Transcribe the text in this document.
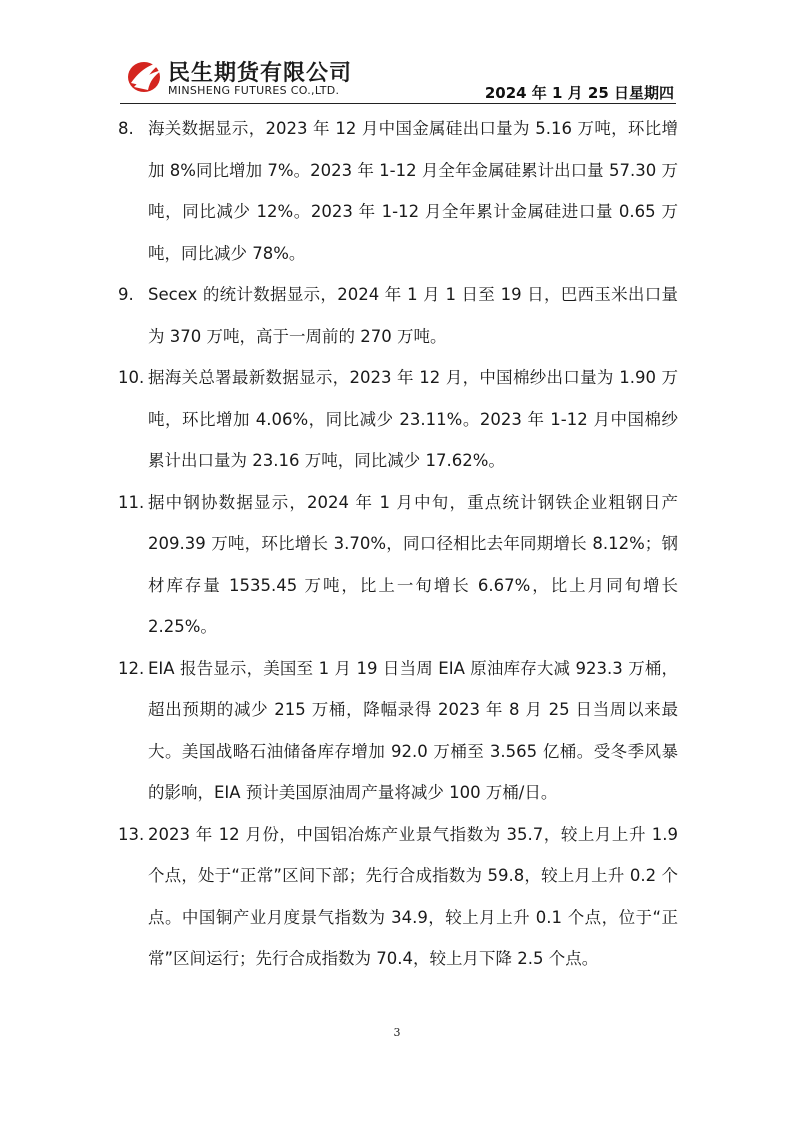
民生期货有限公司
MINSHENG FUTURES CO.,LTD.	2024 年 1 月 25 日星期四
8. 海关数据显示，2023 年 12 月中国金属硅出口量为 5.16 万吨，环比增加 8%同比增加 7%。2023 年 1-12 月全年金属硅累计出口量 57.30 万吨，同比减少 12%。2023 年 1-12 月全年累计金属硅进口量 0.65 万吨，同比减少 78%。
9. Secex 的统计数据显示，2024 年 1 月 1 日至 19 日，巴西玉米出口量为 370 万吨，高于一周前的 270 万吨。
10. 据海关总署最新数据显示，2023 年 12 月，中国棉纱出口量为 1.90 万吨，环比增加 4.06%，同比减少 23.11%。2023 年 1-12 月中国棉纱累计出口量为 23.16 万吨，同比减少 17.62%。
11. 据中钢协数据显示，2024 年 1 月中旬，重点统计钢铁企业粗钢日产 209.39 万吨，环比增长 3.70%，同口径相比去年同期增长 8.12%；钢材库存量 1535.45 万吨，比上一旬增长 6.67%，比上月同旬增长 2.25%。
12. EIA 报告显示，美国至 1 月 19 日当周 EIA 原油库存大减 923.3 万桶，超出预期的减少 215 万桶，降幅录得 2023 年 8 月 25 日当周以来最大。美国战略石油储备库存增加 92.0 万桶至 3.565 亿桶。受冬季风暴的影响，EIA 预计美国原油周产量将减少 100 万桶/日。
13. 2023 年 12 月份，中国铝冶炼产业景气指数为 35.7，较上月上升 1.9 个点，处于“正常”区间下部；先行合成指数为 59.8，较上月上升 0.2 个点。中国铜产业月度景气指数为 34.9，较上月上升 0.1 个点，位于“正常”区间运行；先行合成指数为 70.4，较上月下降 2.5 个点。
3
